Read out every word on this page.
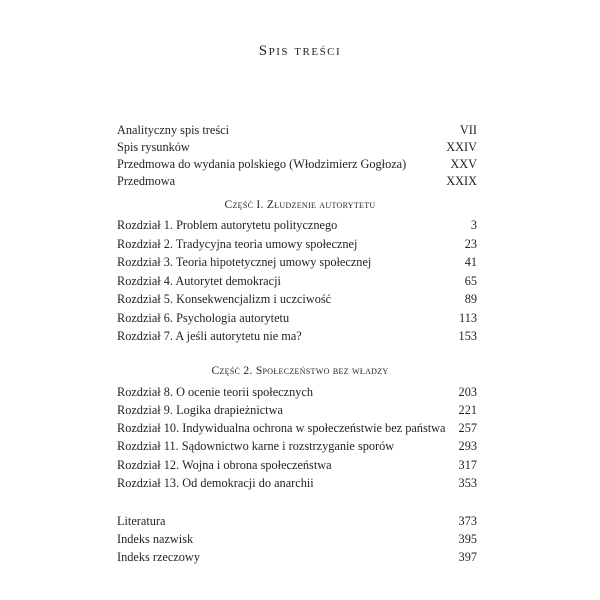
Spis treści
Analityczny spis treści	VII
Spis rysunków	XXIV
Przedmowa do wydania polskiego (Włodzimierz Gogłoza)	XXV
Przedmowa	XXIX
Część I. Złudzenie autorytetu
Rozdział 1. Problem autorytetu politycznego	3
Rozdział 2. Tradycyjna teoria umowy społecznej	23
Rozdział 3. Teoria hipotetycznej umowy społecznej	41
Rozdział 4. Autorytet demokracji	65
Rozdział 5. Konsekwencjalizm i uczciwość	89
Rozdział 6. Psychologia autorytetu	113
Rozdział 7. A jeśli autorytetu nie ma?	153
Część 2. Społeczeństwo bez władzy
Rozdział 8. O ocenie teorii społecznych	203
Rozdział 9. Logika drapieżnictwa	221
Rozdział 10. Indywidualna ochrona w społeczeństwie bez państwa 257
Rozdział 11. Sądownictwo karne i rozstrzyganie sporów	293
Rozdział 12. Wojna i obrona społeczeństwa	317
Rozdział 13. Od demokracji do anarchii	353
Literatura	373
Indeks nazwisk	395
Indeks rzeczowy	397
